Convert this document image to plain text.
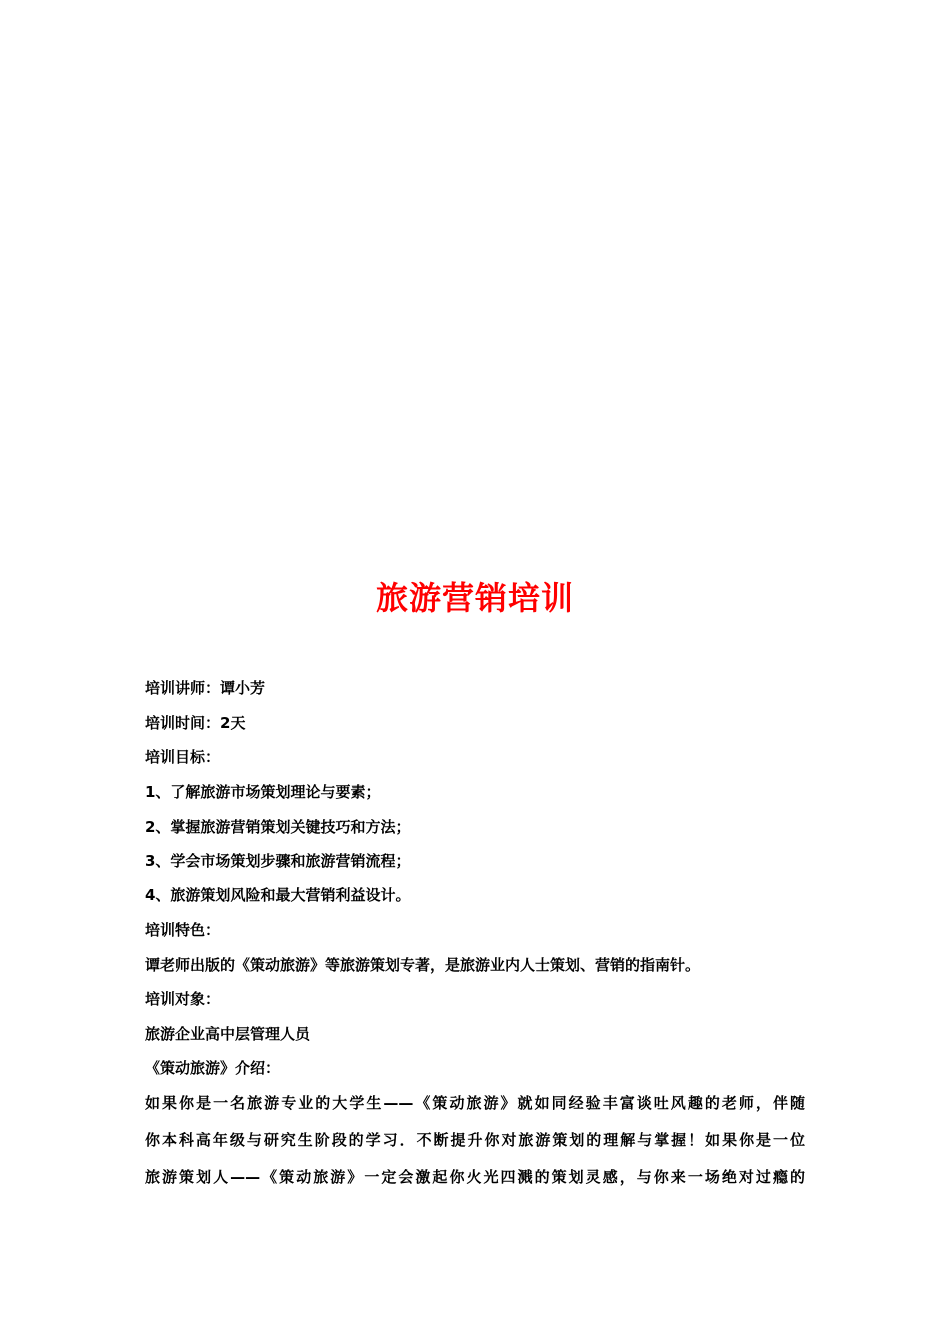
旅游营销培训
培训讲师：谭小芳
培训时间：2天
培训目标：
1、了解旅游市场策划理论与要素；
2、掌握旅游营销策划关键技巧和方法；
3、学会市场策划步骤和旅游营销流程；
4、旅游策划风险和最大营销利益设计。
培训特色：
谭老师出版的《策动旅游》等旅游策划专著，是旅游业内人士策划、营销的指南针。
培训对象：
旅游企业高中层管理人员
《策动旅游》介绍：
如果你是一名旅游专业的大学生——《策动旅游》就如同经验丰富谈吐风趣的老师，伴随
你本科高年级与研究生阶段的学习．不断提升你对旅游策划的理解与掌握！如果你是一位
旅游策划人——《策动旅游》一定会激起你火光四溅的策划灵感，与你来一场绝对过瘾的
